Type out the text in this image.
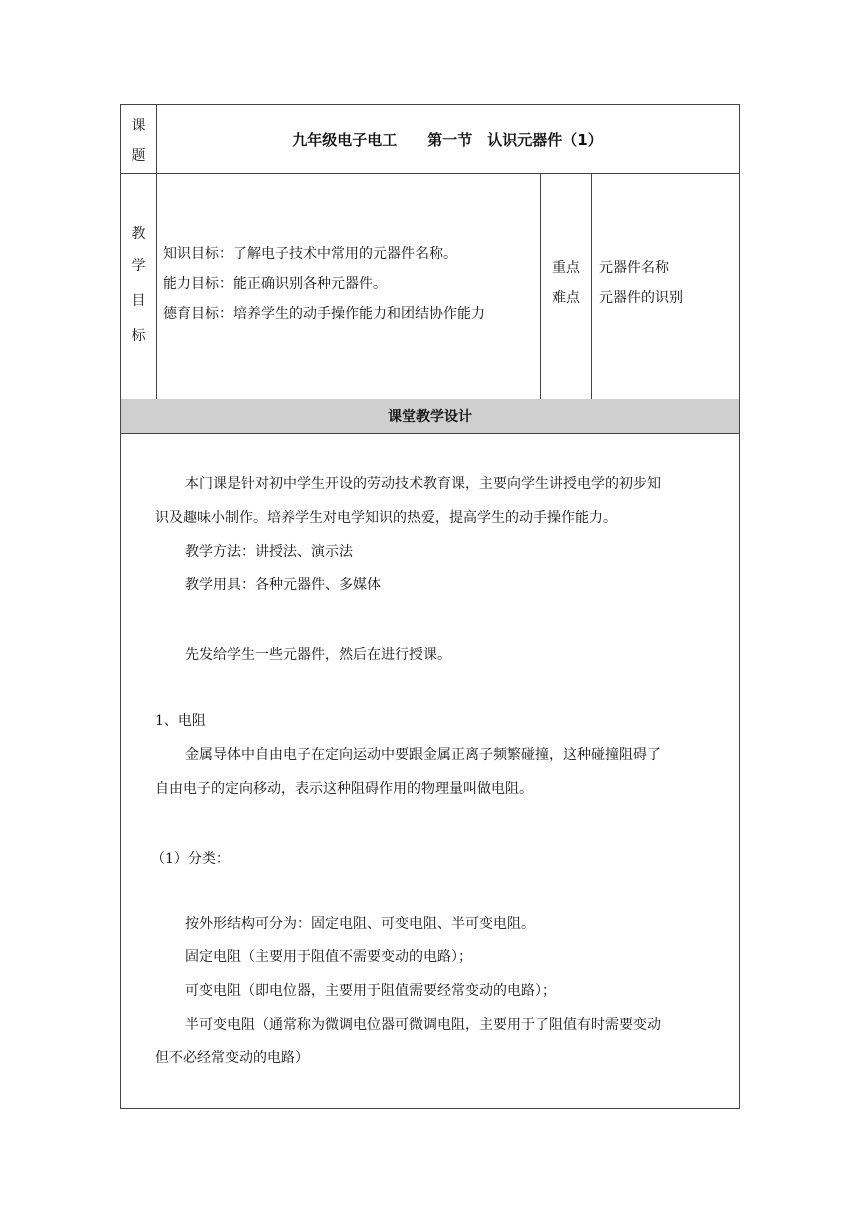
课
题
九年级电子电工　　第一节　认识元器件（1）
教
学
目
标
知识目标：了解电子技术中常用的元器件名称。
能力目标：能正确识别各种元器件。
德育目标：培养学生的动手操作能力和团结协作能力
重点
难点
元器件名称
元器件的识别
课堂教学设计
本门课是针对初中学生开设的劳动技术教育课，主要向学生讲授电学的初步知
识及趣味小制作。培养学生对电学知识的热爱，提高学生的动手操作能力。
教学方法：讲授法、演示法
教学用具：各种元器件、多媒体
先发给学生一些元器件，然后在进行授课。
1、电阻
金属导体中自由电子在定向运动中要跟金属正离子频繁碰撞，这种碰撞阻碍了
自由电子的定向移动，表示这种阻碍作用的物理量叫做电阻。
（1）分类：
按外形结构可分为：固定电阻、可变电阻、半可变电阻。
固定电阻（主要用于阻值不需要变动的电路）；
可变电阻（即电位器，主要用于阻值需要经常变动的电路）；
半可变电阻（通常称为微调电位器可微调电阻，主要用于了阻值有时需要变动
但不必经常变动的电路）
